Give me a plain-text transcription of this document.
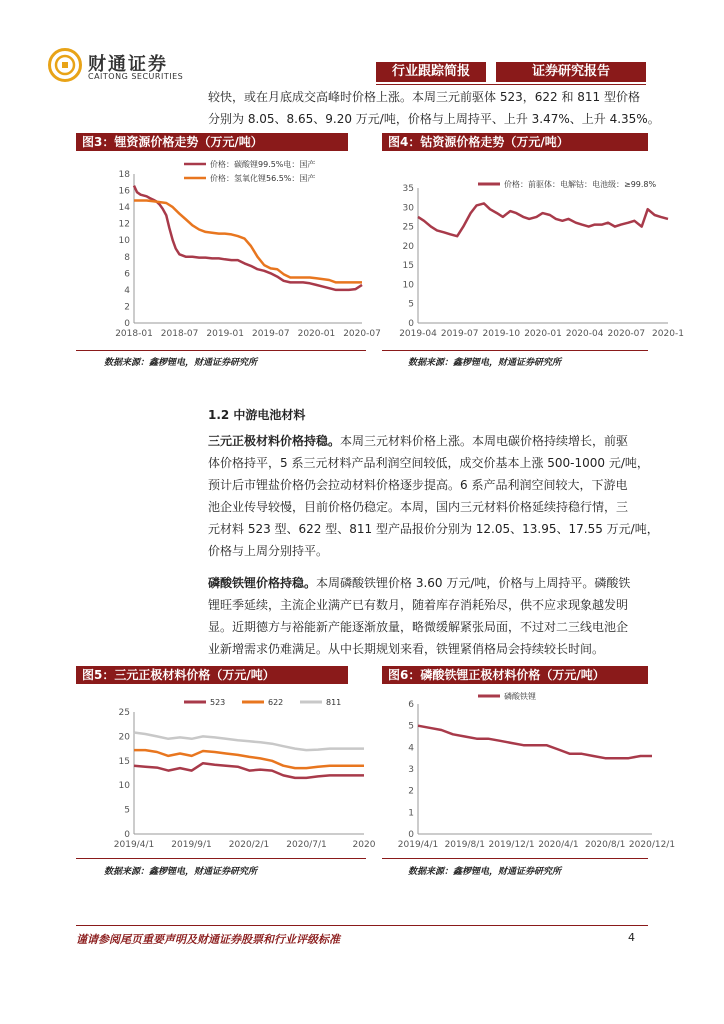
财通证券
CAITONG SECURITIES	行业跟踪简报	证券研究报告
较快，或在月底成交高峰时价格上涨。本周三元前驱体 523，622 和 811 型价格
分别为 8.05、8.65、9.20 万元/吨，价格与上周持平、上升 3.47%、上升 4.35%。
图3：锂资源价格走势（万元/吨）
0
2
4
6
8
10
12
14
16
18
2018-01 2018-07 2019-01 2019-07 2020-01 2020-07
价格：碳酸锂99.5%电：国产
价格：氢氧化锂56.5%：国产
数据来源：鑫椤锂电，财通证券研究所
图4：钴资源价格走势（万元/吨）
0
5
10
15
20
25
30
35
2019-04 2019-07 2019-10 2020-01 2020-04 2020-07 2020-1
价格：前驱体：电解钴：电池级：≥99.8%
数据来源：鑫椤锂电，财通证券研究所
1.2 中游电池材料
三元正极材料价格持稳。本周三元材料价格上涨。本周电碳价格持续增长，前驱
体价格持平，5 系三元材料产品利润空间较低，成交价基本上涨 500-1000 元/吨，
预计后市锂盐价格仍会拉动材料价格逐步提高。6 系产品利润空间较大，下游电
池企业传导较慢，目前价格仍稳定。本周，国内三元材料价格延续持稳行情，三
元材料 523 型、622 型、811 型产品报价分别为 12.05、13.95、17.55 万元/吨，
价格与上周分别持平。
磷酸铁锂价格持稳。本周磷酸铁锂价格 3.60 万元/吨，价格与上周持平。磷酸铁
锂旺季延续，主流企业满产已有数月，随着库存消耗殆尽，供不应求现象越发明
显。近期德方与裕能新产能逐渐放量，略微缓解紧张局面，不过对二三线电池企
业新增需求仍难满足。从中长期规划来看，铁锂紧俏格局会持续较长时间。
图5：三元正极材料价格（万元/吨）
0
5
10
15
20
25
2019/4/1 2019/9/1 2020/2/1 2020/7/1	2020
523	622	811
数据来源：鑫椤锂电，财通证券研究所
图6：磷酸铁锂正极材料价格（万元/吨）
0
1
2
3
4
5
6
2019/4/1 2019/8/1 2019/12/1 2020/4/1 2020/8/1 2020/12/1
磷酸铁锂
数据来源：鑫椤锂电，财通证券研究所
谨请参阅尾页重要声明及财通证券股票和行业评级标准	4
